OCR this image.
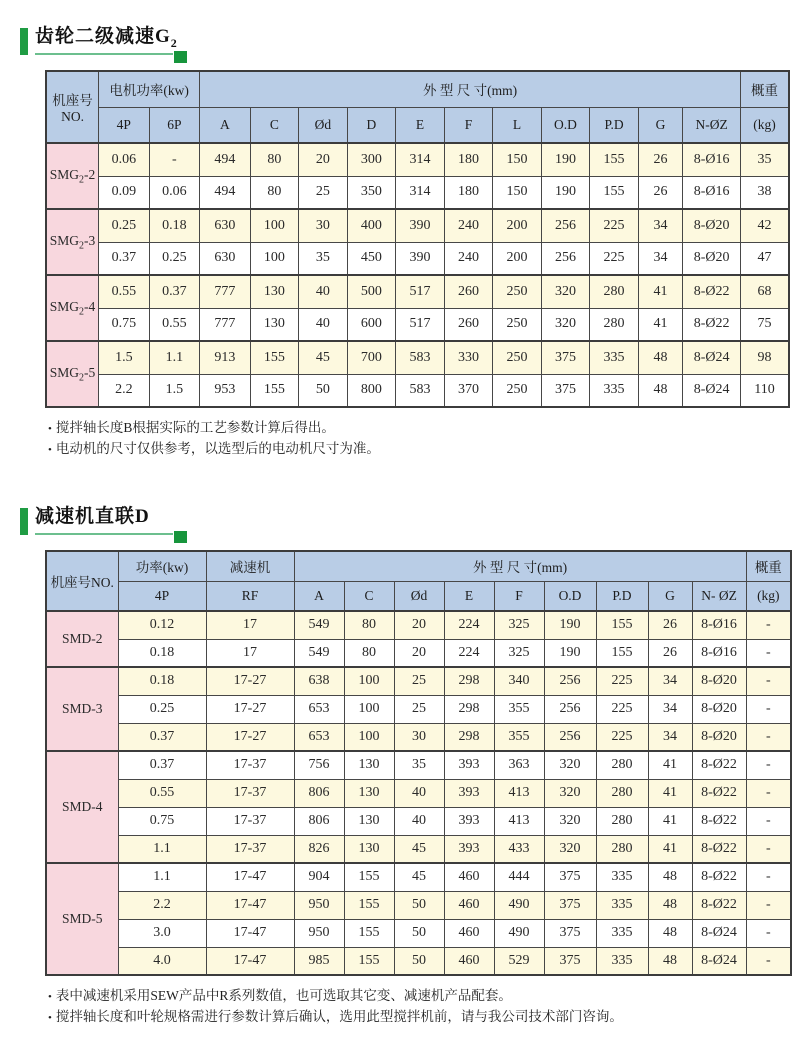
齿轮二级减速$G_2$
机座号
NO.	电机功率(kw)		外 型 尺 寸(mm)											概重
	4P	6P	A	C	Ød	D	E	F	L	O.D	P.D	G	N-ØZ	(kg)
$SMG_2-2$	0.06	-	494	80	20	300	314	180	150	190	155	26	8-Ø16	35
	0.09	0.06	494	80	25	350	314	180	150	190	155	26	8-Ø16	38
$SMG_2-3$	0.25	0.18	630	100	30	400	390	240	200	256	225	34	8-Ø20	42
	0.37	0.25	630	100	35	450	390	240	200	256	225	34	8-Ø20	47
$SMG_2-4$	0.55	0.37	777	130	40	500	517	260	250	320	280	41	8-Ø22	68
	0.75	0.55	777	130	40	600	517	260	250	320	280	41	8-Ø22	75
$SMG_2-5$	1.5	1.1	913	155	45	700	583	330	250	375	335	48	8-Ø24	98
	2.2	1.5	953	155	50	800	583	370	250	375	335	48	8-Ø24	110
• 搅拌轴长度B根据实际的工艺参数计算后得出。
• 电动机的尺寸仅供参考，以选型后的电动机尺寸为准。
减速机直联D
机座号NO.	功率(kw)	减速机	外 型 尺 寸(mm)									概重
	4P	RF	A	C	Ød	E	F	O.D	P.D	G	N- ØZ	(kg)
SMD-2	0.12	17	549	80	20	224	325	190	155	26	8-Ø16	-
	0.18	17	549	80	20	224	325	190	155	26	8-Ø16	-
SMD-3	0.18	17-27	638	100	25	298	340	256	225	34	8-Ø20	-
	0.25	17-27	653	100	25	298	355	256	225	34	8-Ø20	-
	0.37	17-27	653	100	30	298	355	256	225	34	8-Ø20	-
SMD-4	0.37	17-37	756	130	35	393	363	320	280	41	8-Ø22	-
	0.55	17-37	806	130	40	393	413	320	280	41	8-Ø22	-
	0.75	17-37	806	130	40	393	413	320	280	41	8-Ø22	-
	1.1	17-37	826	130	45	393	433	320	280	41	8-Ø22	-
SMD-5	1.1	17-47	904	155	45	460	444	375	335	48	8-Ø22	-
	2.2	17-47	950	155	50	460	490	375	335	48	8-Ø22	-
	3.0	17-47	950	155	50	460	490	375	335	48	8-Ø24	-
	4.0	17-47	985	155	50	460	529	375	335	48	8-Ø24	-
• 表中减速机采用SEW产品中R系列数值，也可选取其它变、减速机产品配套。
• 搅拌轴长度和叶轮规格需进行参数计算后确认，选用此型搅拌机前，请与我公司技术部门咨询。
